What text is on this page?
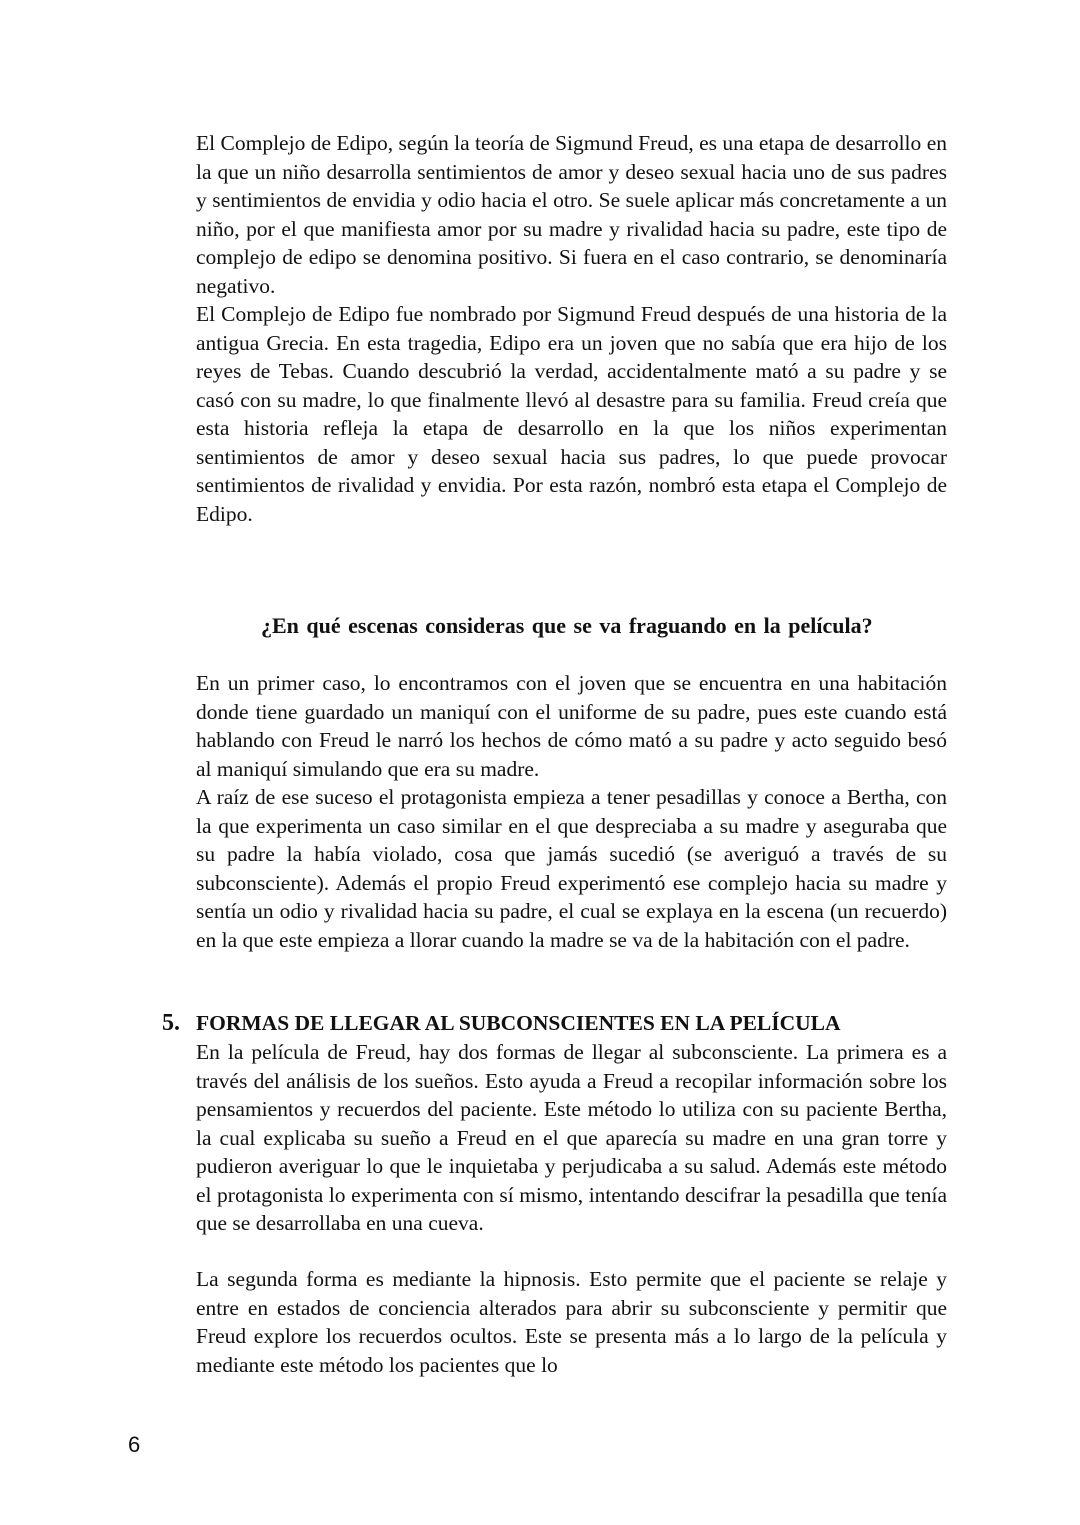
El Complejo de Edipo, según la teoría de Sigmund Freud, es una etapa de desarrollo en la que un niño desarrolla sentimientos de amor y deseo sexual hacia uno de sus padres y sentimientos de envidia y odio hacia el otro. Se suele aplicar más concretamente a un niño, por el que manifiesta amor por su madre y rivalidad hacia su padre, este tipo de complejo de edipo se denomina positivo. Si fuera en el caso contrario, se denominaría negativo.

El Complejo de Edipo fue nombrado por Sigmund Freud después de una historia de la antigua Grecia. En esta tragedia, Edipo era un joven que no sabía que era hijo de los reyes de Tebas. Cuando descubrió la verdad, accidentalmente mató a su padre y se casó con su madre, lo que finalmente llevó al desastre para su familia. Freud creía que esta historia refleja la etapa de desarrollo en la que los niños experimentan sentimientos de amor y deseo sexual hacia sus padres, lo que puede provocar sentimientos de rivalidad y envidia. Por esta razón, nombró esta etapa el Complejo de Edipo.

¿En qué escenas consideras que se va fraguando en la película?

En un primer caso, lo encontramos con el joven que se encuentra en una habitación donde tiene guardado un maniquí con el uniforme de su padre, pues este cuando está hablando con Freud le narró los hechos de cómo mató a su padre y acto seguido besó al maniquí simulando que era su madre.

A raíz de ese suceso el protagonista empieza a tener pesadillas y conoce a Bertha, con la que experimenta un caso similar en el que despreciaba a su madre y aseguraba que su padre la había violado, cosa que jamás sucedió (se averiguó a través de su subconsciente). Además el propio Freud experimentó ese complejo hacia su madre y sentía un odio y rivalidad hacia su padre, el cual se explaya en la escena (un recuerdo) en la que este empieza a llorar cuando la madre se va de la habitación con el padre.

5. FORMAS DE LLEGAR AL SUBCONSCIENTES EN LA PELÍCULA

En la película de Freud, hay dos formas de llegar al subconsciente. La primera es a través del análisis de los sueños. Esto ayuda a Freud a recopilar información sobre los pensamientos y recuerdos del paciente. Este método lo utiliza con su paciente Bertha, la cual explicaba su sueño a Freud en el que aparecía su madre en una gran torre y pudieron averiguar lo que le inquietaba y perjudicaba a su salud. Además este método el protagonista lo experimenta con sí mismo, intentando descifrar la pesadilla que tenía que se desarrollaba en una cueva.

La segunda forma es mediante la hipnosis. Esto permite que el paciente se relaje y entre en estados de conciencia alterados para abrir su subconsciente y permitir que Freud explore los recuerdos ocultos. Este se presenta más a lo largo de la película y mediante este método los pacientes que lo

6
